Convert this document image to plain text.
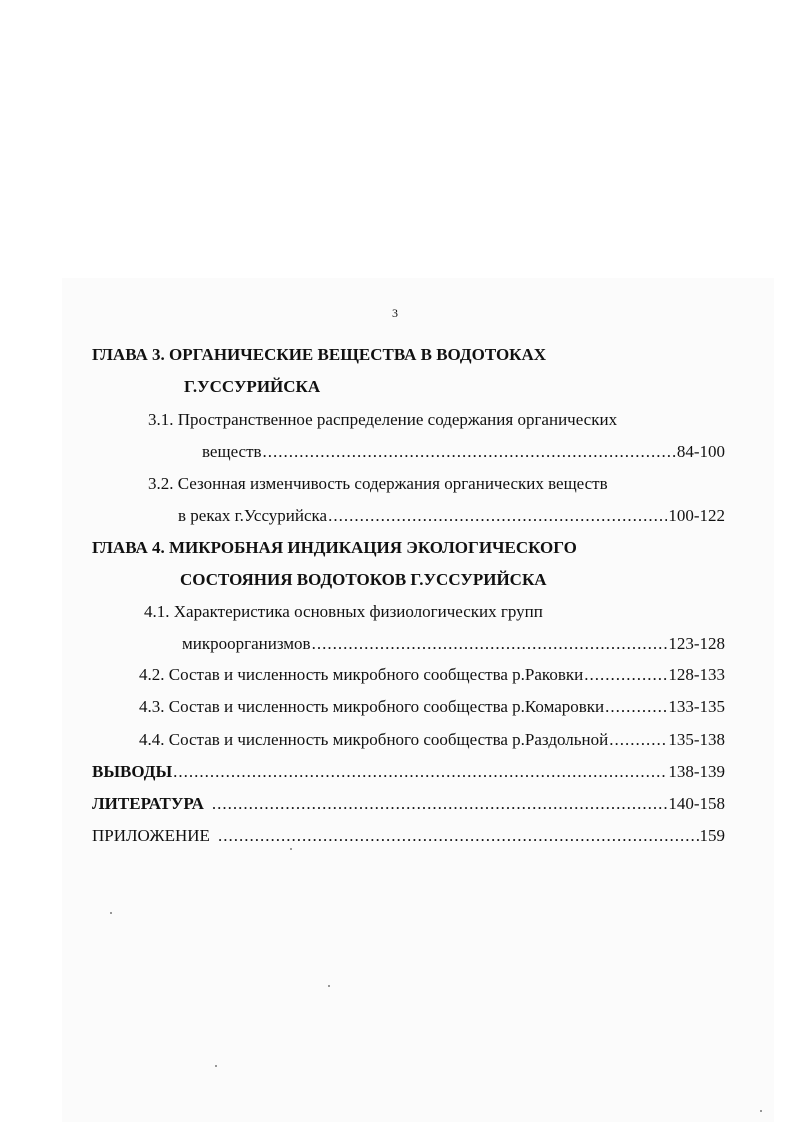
3
ГЛАВА 3. ОРГАНИЧЕСКИЕ ВЕЩЕСТВА В ВОДОТОКАХ
Г.УССУРИЙСКА
3.1. Пространственное распределение содержания органических
веществ .....	84-100
3.2. Сезонная изменчивость содержания органических веществ
в реках г.Уссурийска .....	100-122
ГЛАВА 4. МИКРОБНАЯ ИНДИКАЦИЯ ЭКОЛОГИЧЕСКОГО
СОСТОЯНИЯ ВОДОТОКОВ Г.УССУРИЙСКА
4.1. Характеристика основных физиологических групп
микроорганизмов .....	123-128
4.2. Состав и численность микробного сообщества р.Раковки .....	128-133
4.3. Состав и численность микробного сообщества р.Комаровки .....	133-135
4.4. Состав и численность микробного сообщества р.Раздольной .....	135-138
ВЫВОДЫ .....	138-139
ЛИТЕРАТУРА .....	140-158
ПРИЛОЖЕНИЕ .....	159
